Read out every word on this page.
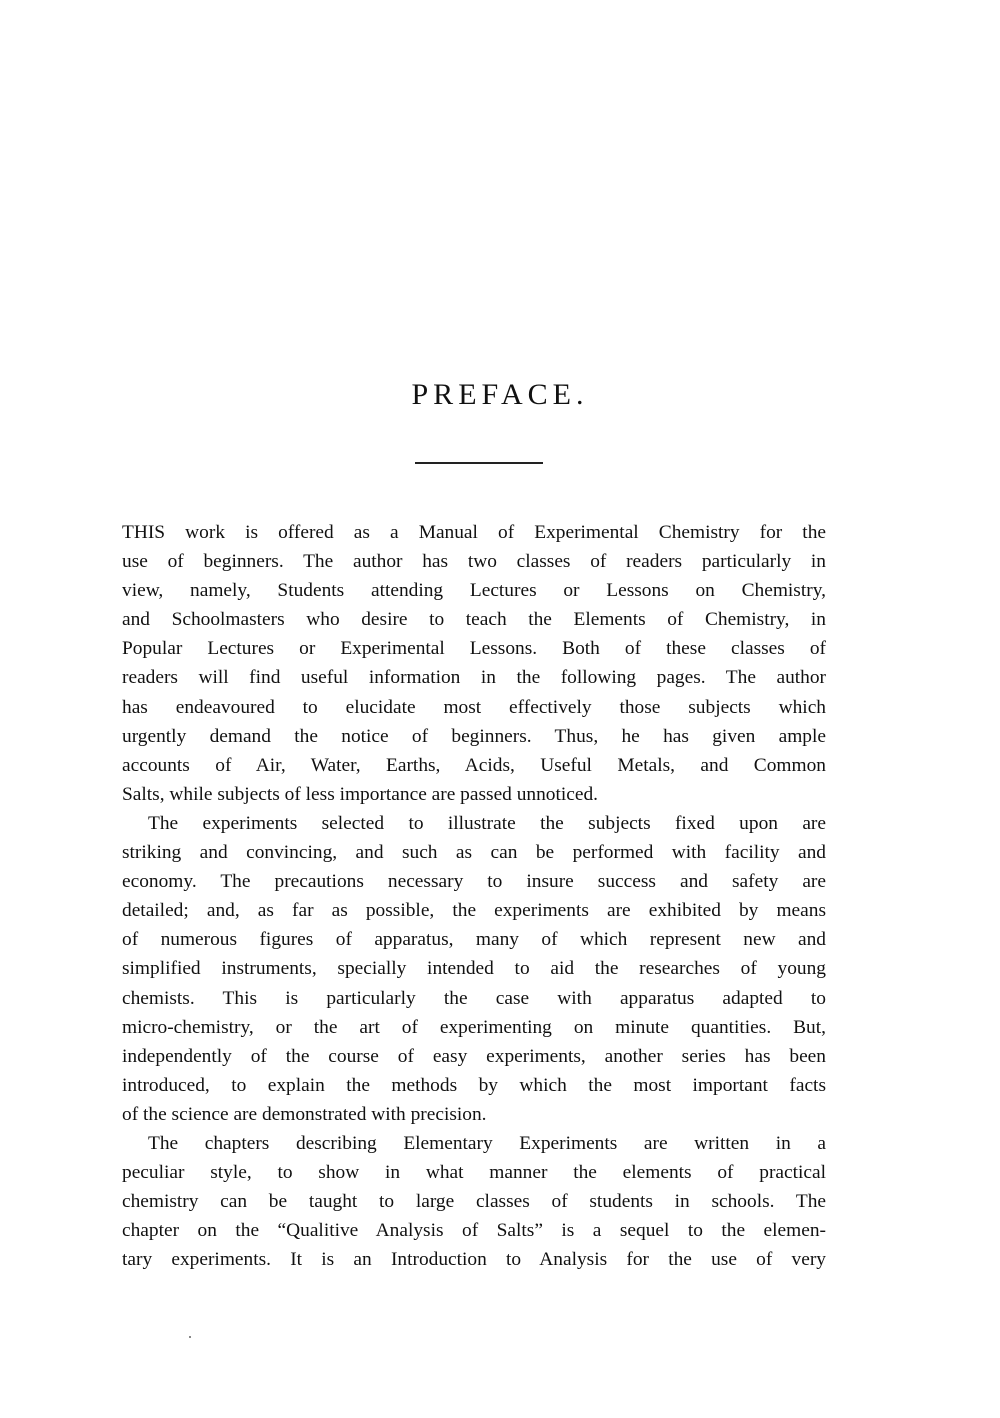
PREFACE.
THIS work is offered as a Manual of Experimental Chemistry for the
use of beginners. The author has two classes of readers particularly in
view, namely, Students attending Lectures or Lessons on Chemistry,
and Schoolmasters who desire to teach the Elements of Chemistry, in
Popular Lectures or Experimental Lessons. Both of these classes of
readers will find useful information in the following pages. The author
has endeavoured to elucidate most effectively those subjects which
urgently demand the notice of beginners. Thus, he has given ample
accounts of Air, Water, Earths, Acids, Useful Metals, and Common
Salts, while subjects of less importance are passed unnoticed.
The experiments selected to illustrate the subjects fixed upon are
striking and convincing, and such as can be performed with facility and
economy. The precautions necessary to insure success and safety are
detailed; and, as far as possible, the experiments are exhibited by means
of numerous figures of apparatus, many of which represent new and
simplified instruments, specially intended to aid the researches of young
chemists. This is particularly the case with apparatus adapted to
micro-chemistry, or the art of experimenting on minute quantities. But,
independently of the course of easy experiments, another series has been
introduced, to explain the methods by which the most important facts
of the science are demonstrated with precision.
The chapters describing Elementary Experiments are written in a
peculiar style, to show in what manner the elements of practical
chemistry can be taught to large classes of students in schools. The
chapter on the “Qualitive Analysis of Salts” is a sequel to the elemen-
tary experiments. It is an Introduction to Analysis for the use of very
